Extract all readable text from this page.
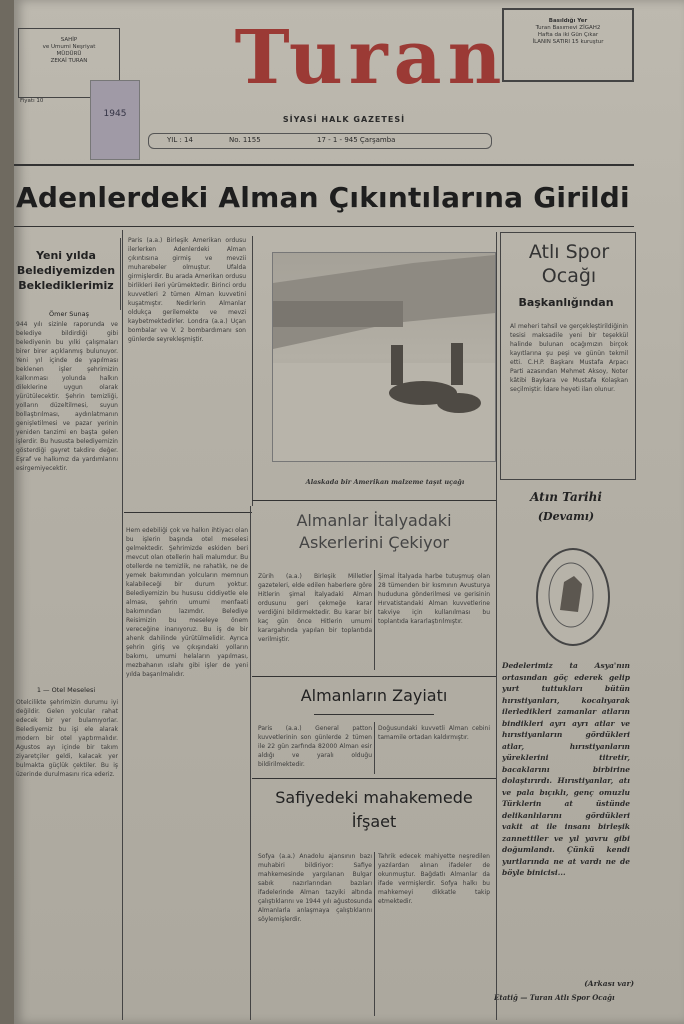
SAHİP
ve Umumi Neşriyat
MÜDÜRÜ
ZEKAİ TURAN
Fiyatı 10
1945
Turan
SİYASİ HALK GAZETESİ
YIL : 14	No. 1155	17 - 1 - 945 Çarşamba
Basıldığı Yer
Turan Basımevi ZİGAH2
Hafta da iki Gün Çıkar
İLANIN SATIRI 15 kuruştur
Adenlerdeki Alman Çıkıntılarına Girildi
Yeni yılda Belediyemizden Beklediklerimiz
Ömer Sunaş
944 yılı sizinle raporunda ve belediye bildirdiği gibi belediyenin bu yılki çalışmaları birer birer açıklanmış bulunuyor. Yeni yıl içinde de yapılması beklenen işler şehrimizin kalkınması yolunda halkın dileklerine uygun olarak yürütülecektir. Şehrin temizliği, yolların düzeltilmesi, suyun bollaştırılması, aydınlatmanın genişletilmesi ve pazar yerinin yeniden tanzimi en başta gelen işlerdir. Bu hususta belediyemizin gösterdiği gayret takdire değer. Eşraf ve halkımız da yardımlarını esirgemiyecektir.
1 — Otel Meselesi
Otelcilikte şehrimizin durumu iyi değildir. Gelen yolcular rahat edecek bir yer bulamıyorlar. Belediyemiz bu işi ele alarak modern bir otel yaptırmalıdır. Agustos ayı içinde bir takım ziyaretçiler geldi, kalacak yer bulmakta güçlük çektiler. Bu iş üzerinde durulmasını rica ederiz.
Paris (a.a.) Birleşik Amerikan ordusu ilerlerken Adenlerdeki Alman çıkıntısına girmiş ve mevzii muharebeler olmuştur. Ufalda girmişlerdir. Bu arada Amerikan ordusu birlikleri ileri yürümektedir. Birinci ordu kuvvetleri 2 tümen Alman kuvvetini kuşatmıştır. Nedirlerin Almanlar oldukça gerilemekte ve mevzi kaybetmektedirler. Londra (a.a.) Uçan bombalar ve V. 2 bombardımanı son günlerde seyrekleşmiştir.
Alaskada bir Amerikan malzeme taşıt uçağı
Atlı Spor Ocağı
Başkanlığından
Al meheri tahsil ve gerçekleştirildiğinin tesisi maksadile yeni bir teşekkül halinde bulunan ocağımızın birçok kayıtlarına şu peşi ve günün tekmil etti. C.H.P. Başkanı Mustafa Arpacı Parti azasından Mehmet Aksoy, Noter kâtibi Baykara ve Mustafa Kolaşkan seçilmiştir. İdare heyeti ilan olunur.
Atın Tarihi
(Devamı)
Dedelerimiz ta Asya'nın ortasından göç ederek gelip yurt tuttukları bütün hırıstiyanları, kocalıyarak ilerledikleri zamanlar atların bindikleri ayrı ayrı atlar ve hırıstiyanların gördükleri atlar, hırıstiyanların yüreklerini titretir, bacaklarını birbirine dolaştırırdı. Hırıstiyanlar, atı ve pala bıçıklı, genç omuzlu Türklerin at üstünde delikanlılarını gördükleri vakit at ile insanı birleşik zannettiler ve yıl yavru gibi doğumlandı. Çünkü kendi yurtlarında ne at vardı ne de böyle binicisi...
(Arkası var)
Etatiğ — Turan Atlı Spor Ocağı
Hem edebiliği çok ve halkın ihtiyacı olan bu işlerin başında otel meselesi gelmektedir. Şehrimizde eskiden beri mevcut olan otellerin hali malumdur. Bu otellerde ne temizlik, ne rahatlık, ne de yemek bakımından yolcuların memnun kalabileceği bir durum yoktur. Belediyemizin bu hususu ciddiyetle ele alması, şehrin umumi menfaati bakımından lazımdır. Belediye Reisimizin bu meseleye önem vereceğine inanıyoruz. Bu iş de bir ahenk dahilinde yürütülmelidir. Ayrıca şehrin giriş ve çıkışındaki yolların bakımı, umumi helaların yapılması, mezbahanın ıslahı gibi işler de yeni yılda başarılmalıdır.
Almanlar İtalyadaki Askerlerini Çekiyor
Zürih (a.a.) Birleşik Milletler gazeteleri, elde edilen haberlere göre Hitlerin şimal İtalyadaki Alman ordusunu geri çekmeğe karar verdiğini bildirmektedir. Bu karar bir kaç gün önce Hitlerin umumi karargahında yapılan bir toplantıda verilmiştir.
Şimal İtalyada harbe tutuşmuş olan 28 tümenden bir kısmının Avusturya hududuna gönderilmesi ve gerisinin Hırvatistandaki Alman kuvvetlerine takviye için kullanılması bu toplantıda kararlaştırılmıştır.
Almanların Zayiatı
Paris (a.a.) General patton kuvvetlerinin son günlerde 2 tümen ile 22 gün zarfında 82000 Alman esir aldığı ve yaralı olduğu bildirilmektedir.
Doğusundaki kuvvetli Alman cebini tamamile ortadan kaldırmıştır.
Safiyedeki mahakemede İfşaet
Sofya (a.a.) Anadolu ajansının bazı muhabiri bildiriyor: Safiye mahkemesinde yargılanan Bulgar sabık nazırlarından bazıları ifadelerinde Alman tazyiki altında çalıştıklarını ve 1944 yılı ağustosunda Almanlarla anlaşmaya çalıştıklarını söylemişlerdir.
Tahrik edecek mahiyette neşredilen yazılardan alınan ifadeler de okunmuştur. Bağdatlı Almanlar da ifade vermişlerdir. Sofya halkı bu mahkemeyi dikkatle takip etmektedir.
